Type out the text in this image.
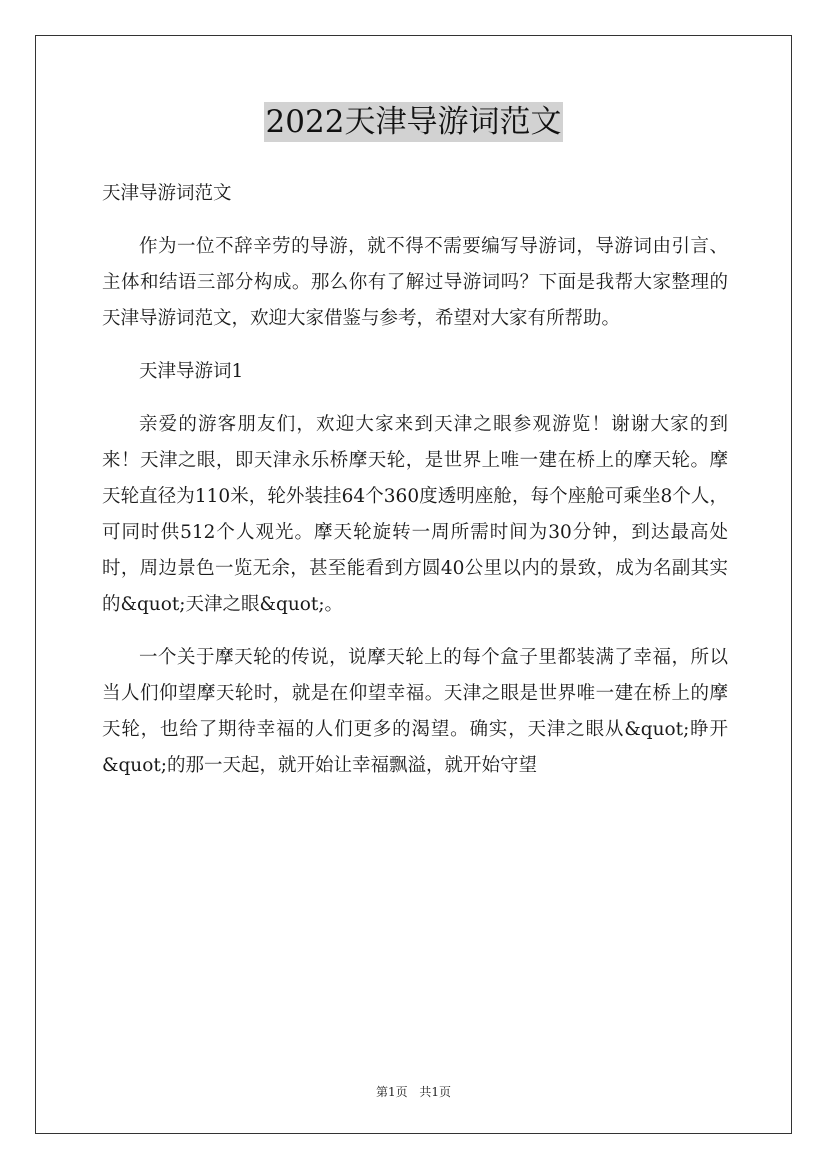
2022天津导游词范文

天津导游词范文

作为一位不辞辛劳的导游，就不得不需要编写导游词，导游词由引言、主体和结语三部分构成。那么你有了解过导游词吗？下面是我帮大家整理的天津导游词范文，欢迎大家借鉴与参考，希望对大家有所帮助。

天津导游词1

亲爱的游客朋友们，欢迎大家来到天津之眼参观游览！谢谢大家的到来！天津之眼，即天津永乐桥摩天轮，是世界上唯一建在桥上的摩天轮。摩天轮直径为110米，轮外装挂64个360度透明座舱，每个座舱可乘坐8个人，可同时供512个人观光。摩天轮旋转一周所需时间为30分钟，到达最高处时，周边景色一览无余，甚至能看到方圆40公里以内的景致，成为名副其实的&quot;天津之眼&quot;。

一个关于摩天轮的传说，说摩天轮上的每个盒子里都装满了幸福，所以当人们仰望摩天轮时，就是在仰望幸福。天津之眼是世界唯一建在桥上的摩天轮，也给了期待幸福的人们更多的渴望。确实，天津之眼从&quot;睁开&quot;的那一天起，就开始让幸福飘溢，就开始守望

第1页 共1页
